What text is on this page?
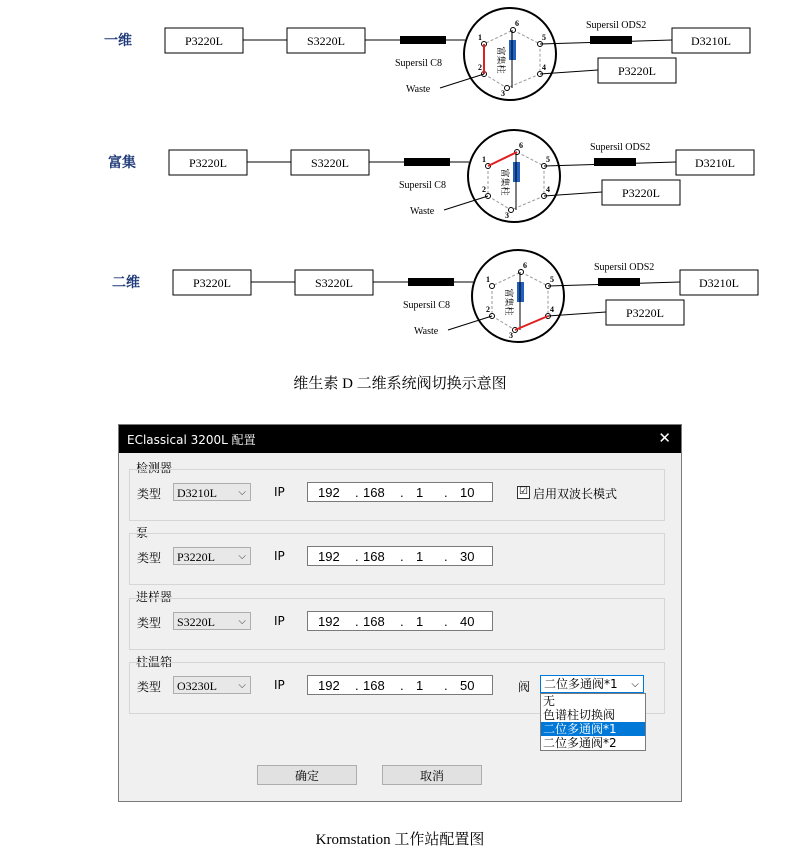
一维	P3220L	S3220L
Supersil C8
1
2
3
4
5
6
富集柱
Supersil ODS2
D3210L
P3220L
Waste
富集	P3220L	S3220L
Supersil C8
1
2
3
4
5
6
富集柱
Supersil ODS2
D3210L
P3220L
Waste
二维	P3220L	S3220L
Supersil C8
1
2
3
4
5
6
富集柱
Supersil ODS2
D3210L
P3220L
Waste
维生素 D 二维系统阀切换示意图
EClassical 3200L 配置	✕
检测器
类型	D3210L ⌵ IP	192 . 168 . 1 . 10	☑ 启用双波长模式
泵
类型	P3220L ⌵ IP	192 . 168 . 1 . 30
进样器
类型	S3220L ⌵ IP	192 . 168 . 1 . 40
柱温箱
类型	O3230L ⌵ IP	192 . 168 . 1 . 50	阀	二位多通阀*1 ⌵
无
色谱柱切换阀
二位多通阀*1
二位多通阀*2
确定	取消
Kromstation 工作站配置图
